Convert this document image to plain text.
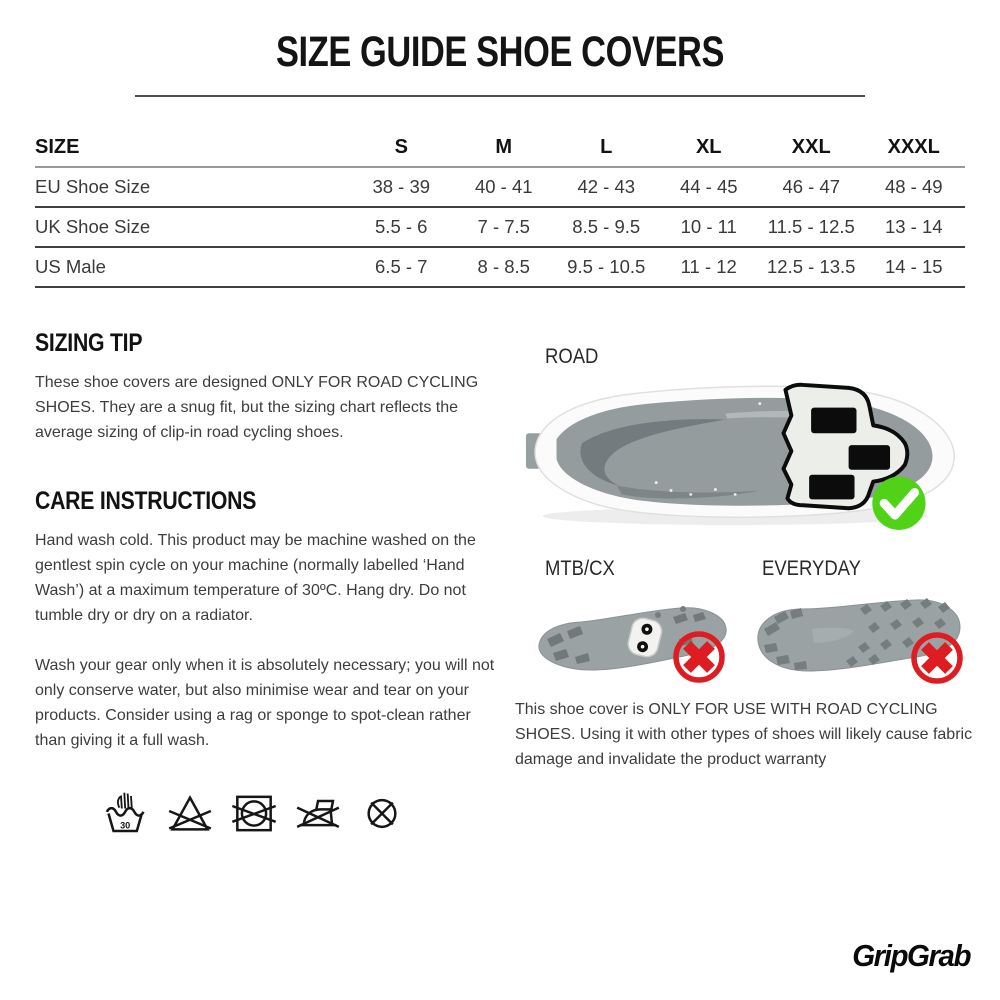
SIZE GUIDE SHOE COVERS
SIZE	S	M	L	XL	XXL	XXXL
EU Shoe Size	38 - 39	40 - 41	42 - 43	44 - 45	46 - 47	48 - 49
UK Shoe Size	5.5 - 6	7 - 7.5	8.5 - 9.5	10 - 11	11.5 - 12.5	13 - 14
US Male	6.5 - 7	8 - 8.5	9.5 - 10.5	11 - 12	12.5 - 13.5	14 - 15
SIZING TIP

These shoe covers are designed ONLY FOR ROAD CYCLING SHOES. They are a snug fit, but the sizing chart reflects the average sizing of clip-in road cycling shoes.

CARE INSTRUCTIONS

Hand wash cold. This product may be machine washed on the gentlest spin cycle on your machine (normally labelled ‘Hand Wash’) at a maximum temperature of 30ºC. Hang dry. Do not tumble dry or dry on a radiator.

Wash your gear only when it is absolutely necessary; you will not only conserve water, but also minimise wear and tear on your products. Consider using a rag or sponge to spot-clean rather than giving it a full wash.

30
ROAD
MTB/CX	EVERYDAY

This shoe cover is ONLY FOR USE WITH ROAD CYCLING SHOES. Using it with other types of shoes will likely cause fabric damage and invalidate the product warranty

GripGrab
